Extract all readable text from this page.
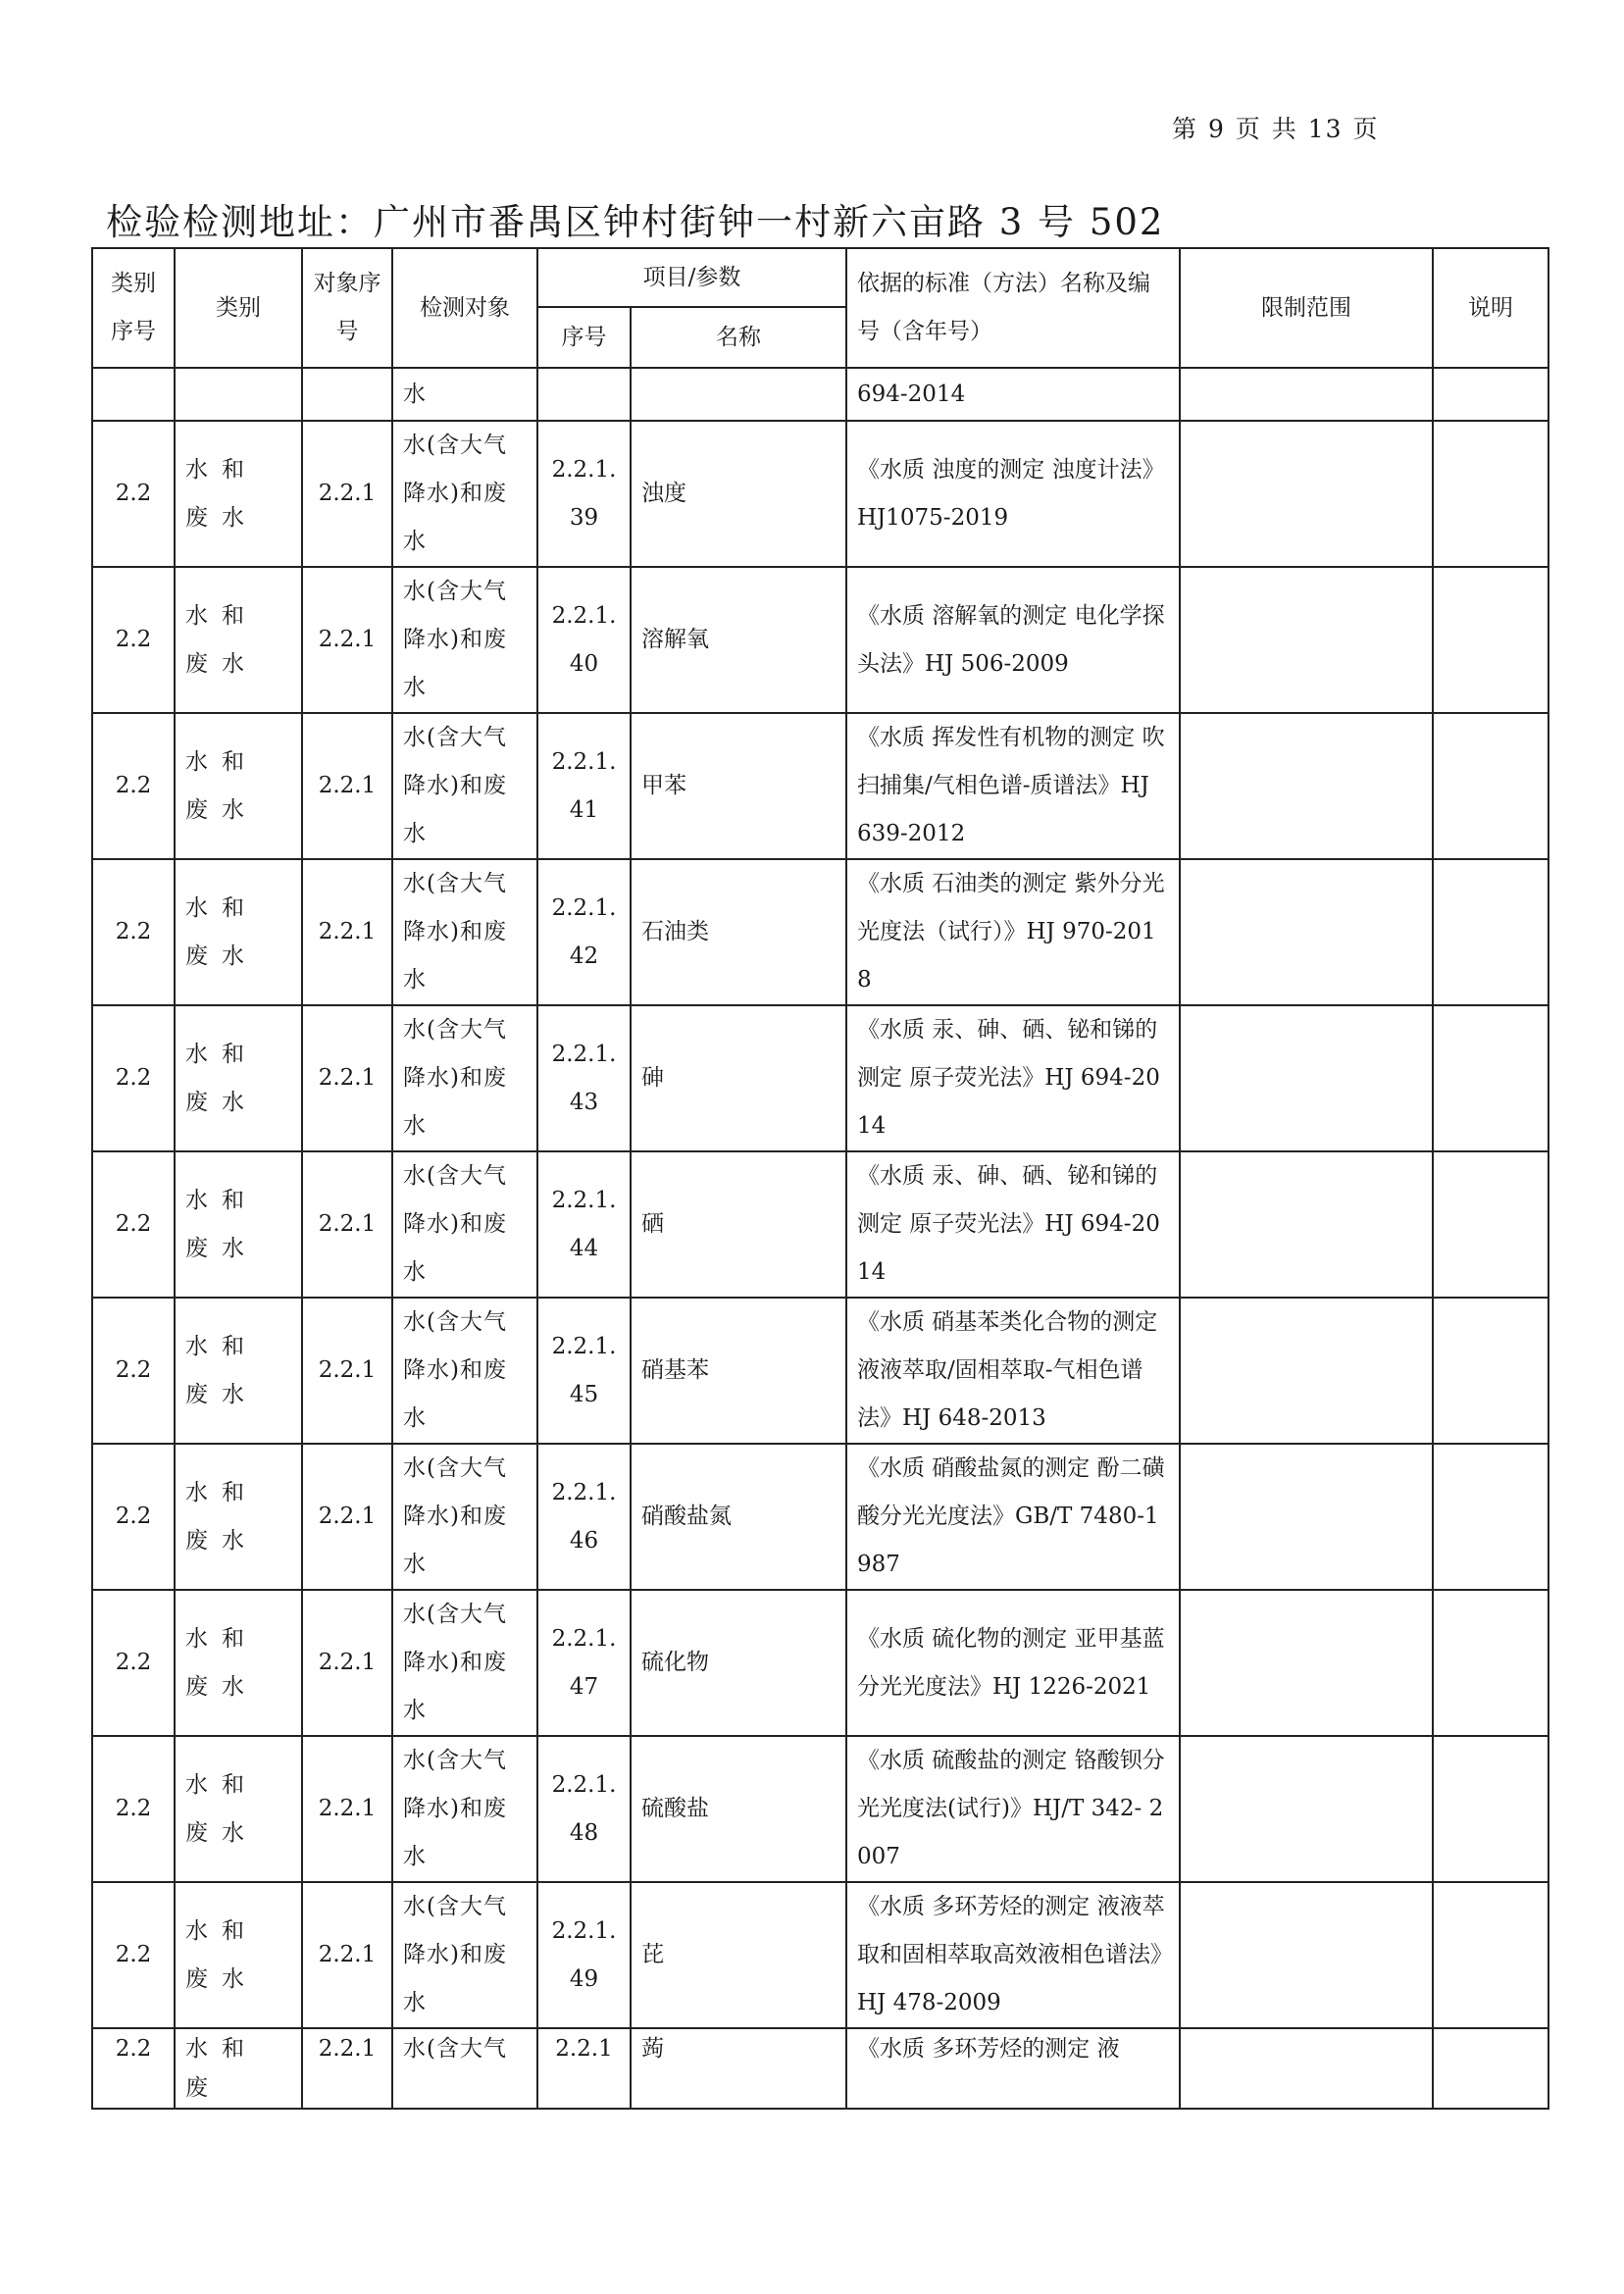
第 9 页 共 13 页
检验检测地址：广州市番禺区钟村街钟一村新六亩路 3 号 502
类别序号	类别	对象序号	检测对象	项目/参数		依据的标准（方法）名称及编号（含年号）	限制范围	说明
				序号	名称			
			水			694-2014		
2.2	水和废水	2.2.1	水(含大气降水)和废水	2.2.1.39	浊度	《水质 浊度的测定 浊度计法》HJ1075-2019		
2.2	水和废水	2.2.1	水(含大气降水)和废水	2.2.1.40	溶解氧	《水质 溶解氧的测定 电化学探头法》HJ 506-2009		
2.2	水和废水	2.2.1	水(含大气降水)和废水	2.2.1.41	甲苯	《水质 挥发性有机物的测定 吹扫捕集/气相色谱-质谱法》HJ 639-2012		
2.2	水和废水	2.2.1	水(含大气降水)和废水	2.2.1.42	石油类	《水质 石油类的测定 紫外分光光度法（试行）》HJ 970-2018		
2.2	水和废水	2.2.1	水(含大气降水)和废水	2.2.1.43	砷	《水质 汞、砷、硒、铋和锑的测定 原子荧光法》HJ 694-2014		
2.2	水和废水	2.2.1	水(含大气降水)和废水	2.2.1.44	硒	《水质 汞、砷、硒、铋和锑的测定 原子荧光法》HJ 694-2014		
2.2	水和废水	2.2.1	水(含大气降水)和废水	2.2.1.45	硝基苯	《水质 硝基苯类化合物的测定 液液萃取/固相萃取-气相色谱法》HJ 648-2013		
2.2	水和废水	2.2.1	水(含大气降水)和废水	2.2.1.46	硝酸盐氮	《水质 硝酸盐氮的测定 酚二磺酸分光光度法》GB/T 7480-1987		
2.2	水和废水	2.2.1	水(含大气降水)和废水	2.2.1.47	硫化物	《水质 硫化物的测定 亚甲基蓝分光光度法》HJ 1226-2021		
2.2	水和废水	2.2.1	水(含大气降水)和废水	2.2.1.48	硫酸盐	《水质 硫酸盐的测定 铬酸钡分光光度法(试行)》HJ/T 342- 2007		
2.2	水和废水	2.2.1	水(含大气降水)和废水	2.2.1.49	芘	《水质 多环芳烃的测定 液液萃取和固相萃取高效液相色谱法》HJ 478-2009		
2.2	水和废	2.2.1	水(含大气	2.2.1	蒟	《水质 多环芳烃的测定 液		
